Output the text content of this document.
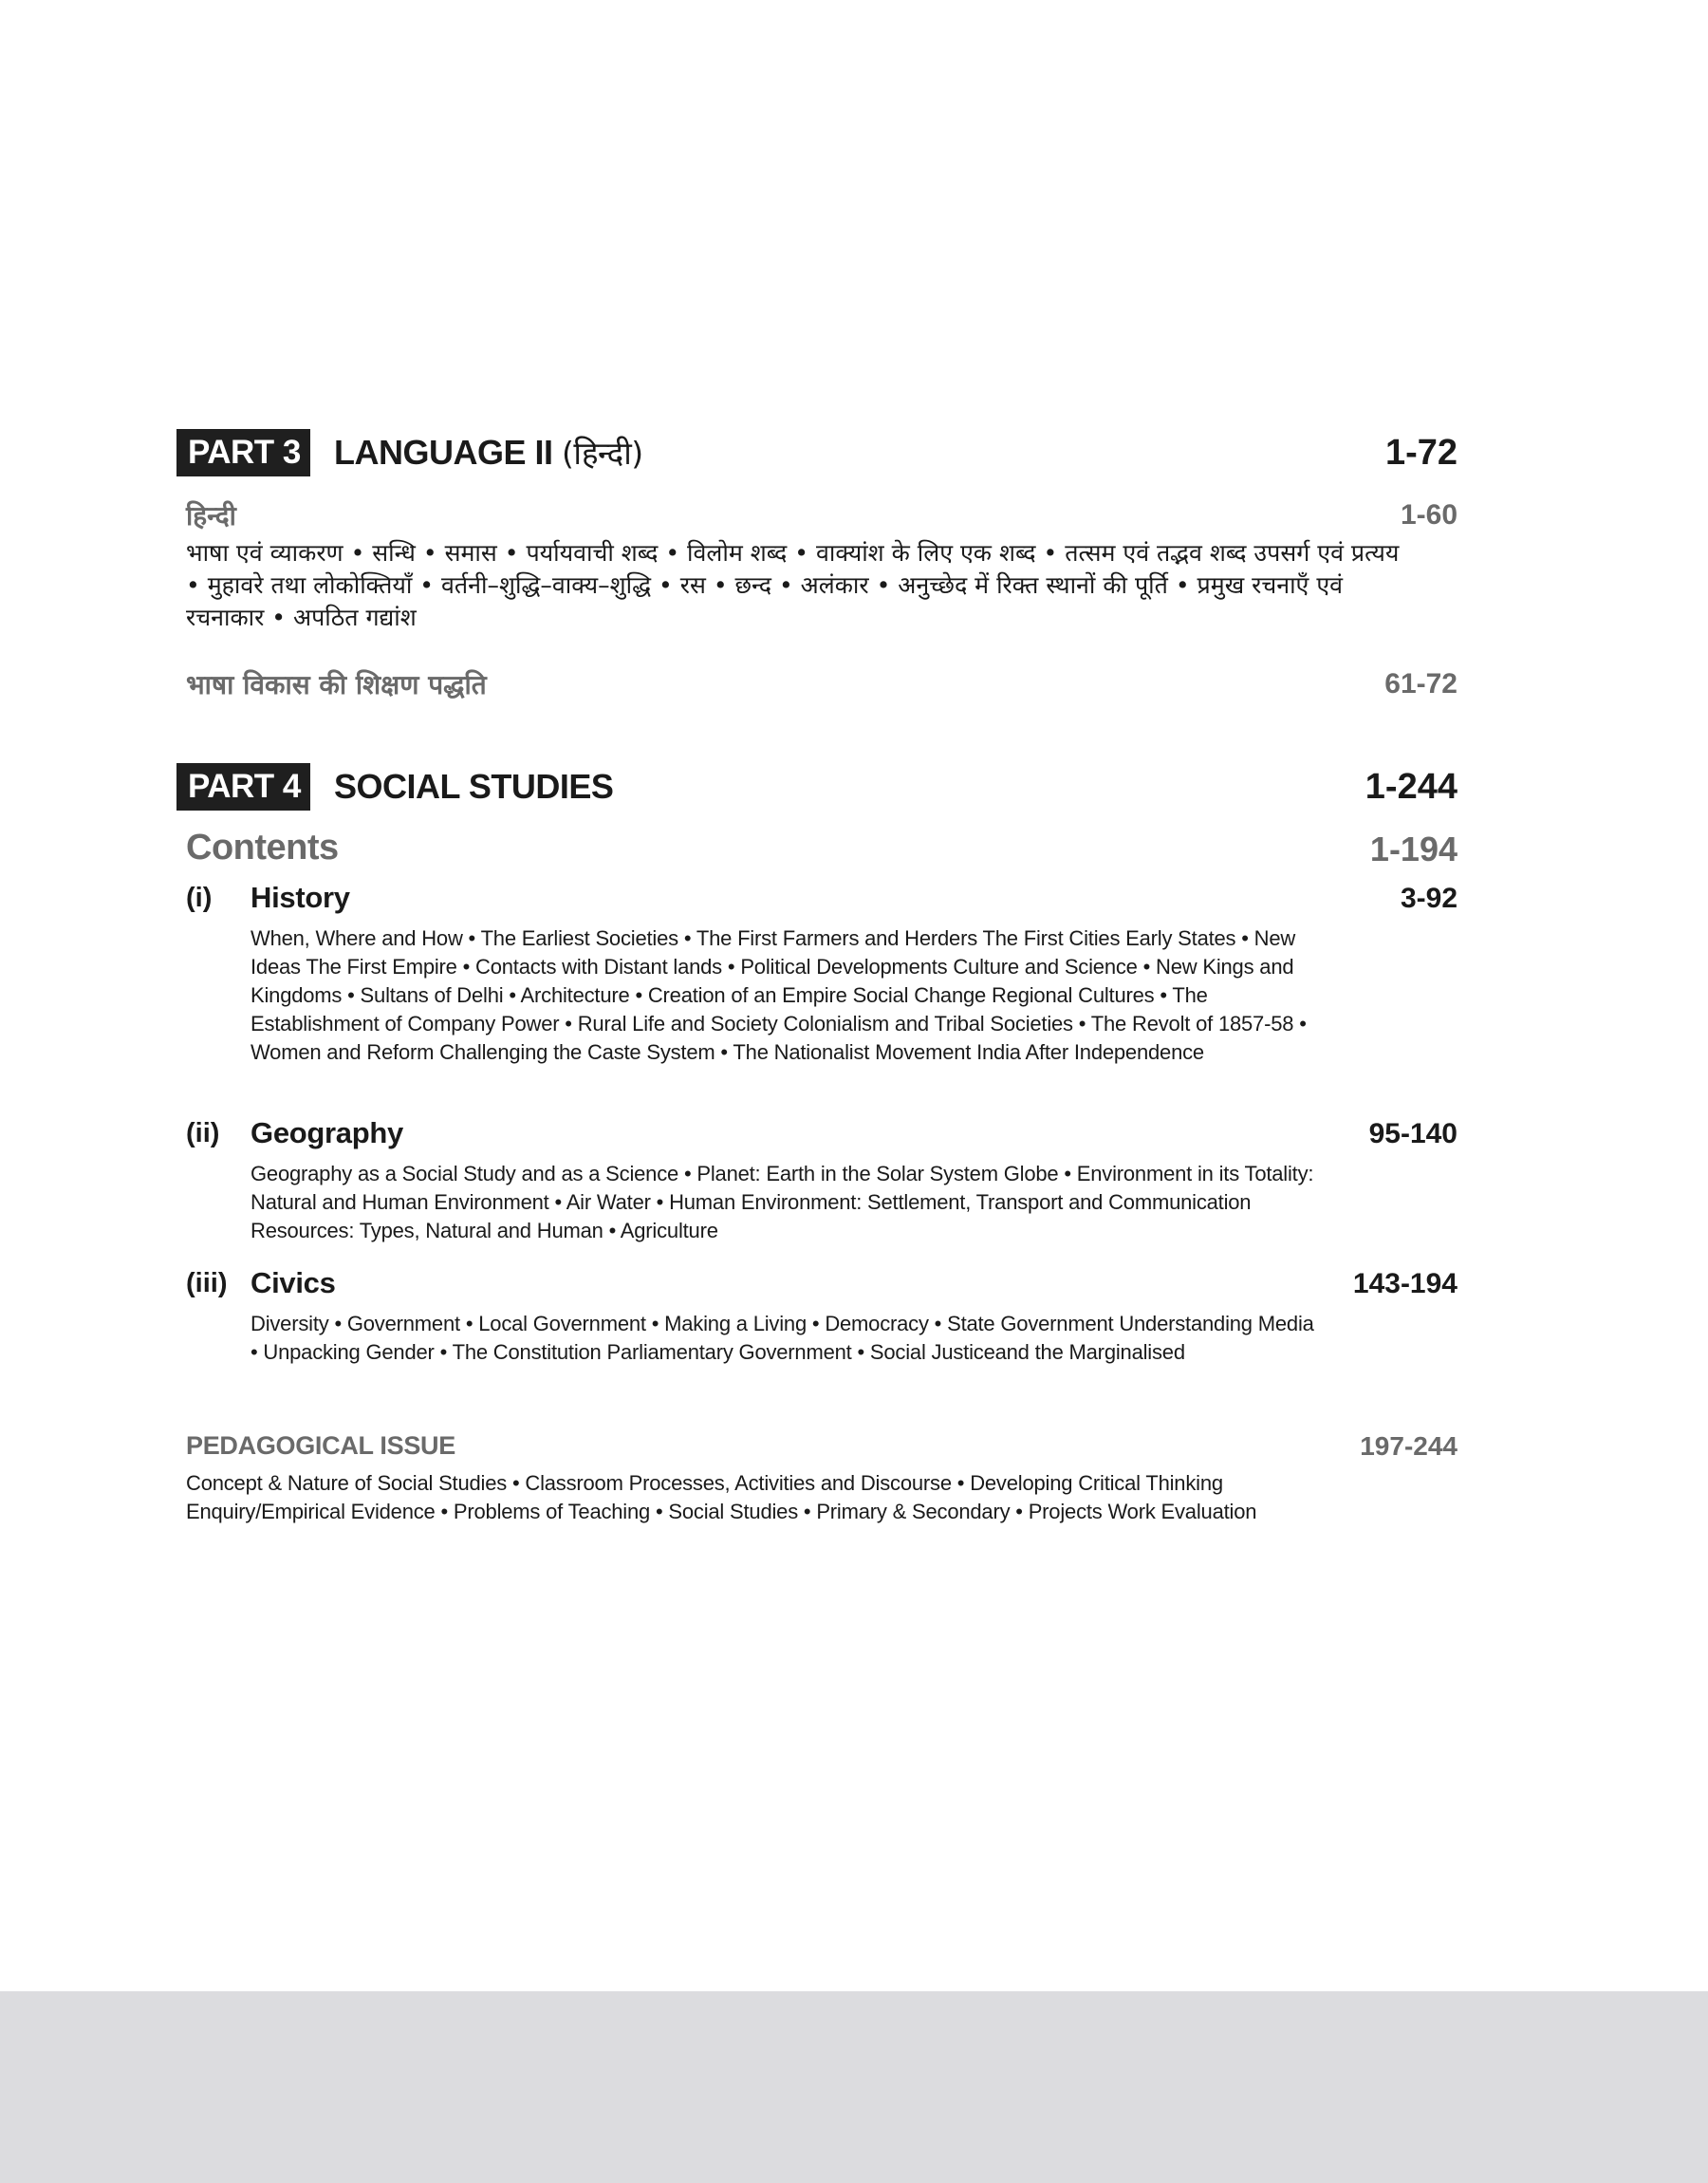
PART 3 LANGUAGE II (हिन्दी)	1-72
हिन्दी	1-60
भाषा एवं व्याकरण • सन्धि • समास • पर्यायवाची शब्द • विलोम शब्द • वाक्यांश के लिए एक शब्द • तत्सम एवं तद्भव शब्द उपसर्ग एवं प्रत्यय • मुहावरे तथा लोकोक्तियाँ • वर्तनी–शुद्धि–वाक्य–शुद्धि • रस • छन्द • अलंकार • अनुच्छेद में रिक्त स्थानों की पूर्ति • प्रमुख रचनाएँ एवं रचनाकार • अपठित गद्यांश
भाषा विकास की शिक्षण पद्धति	61-72
PART 4 SOCIAL STUDIES	1-244
Contents	1-194
(i) History	3-92
When, Where and How • The Earliest Societies • The First Farmers and Herders The First Cities Early States • New Ideas The First Empire • Contacts with Distant lands • Political Developments Culture and Science • New Kings and Kingdoms • Sultans of Delhi • Architecture • Creation of an Empire Social Change Regional Cultures • The Establishment of Company Power • Rural Life and Society Colonialism and Tribal Societies • The Revolt of 1857-58 • Women and Reform Challenging the Caste System • The Nationalist Movement India After Independence
(ii) Geography	95-140
Geography as a Social Study and as a Science • Planet: Earth in the Solar System Globe • Environment in its Totality: Natural and Human Environment • Air Water • Human Environment: Settlement, Transport and Communication Resources: Types, Natural and Human • Agriculture
(iii) Civics	143-194
Diversity • Government • Local Government • Making a Living • Democracy • State Government Understanding Media • Unpacking Gender • The Constitution Parliamentary Government • Social Justiceand the Marginalised
PEDAGOGICAL ISSUE	197-244
Concept & Nature of Social Studies • Classroom Processes, Activities and Discourse • Developing Critical Thinking Enquiry/Empirical Evidence • Problems of Teaching • Social Studies • Primary & Secondary • Projects Work Evaluation
